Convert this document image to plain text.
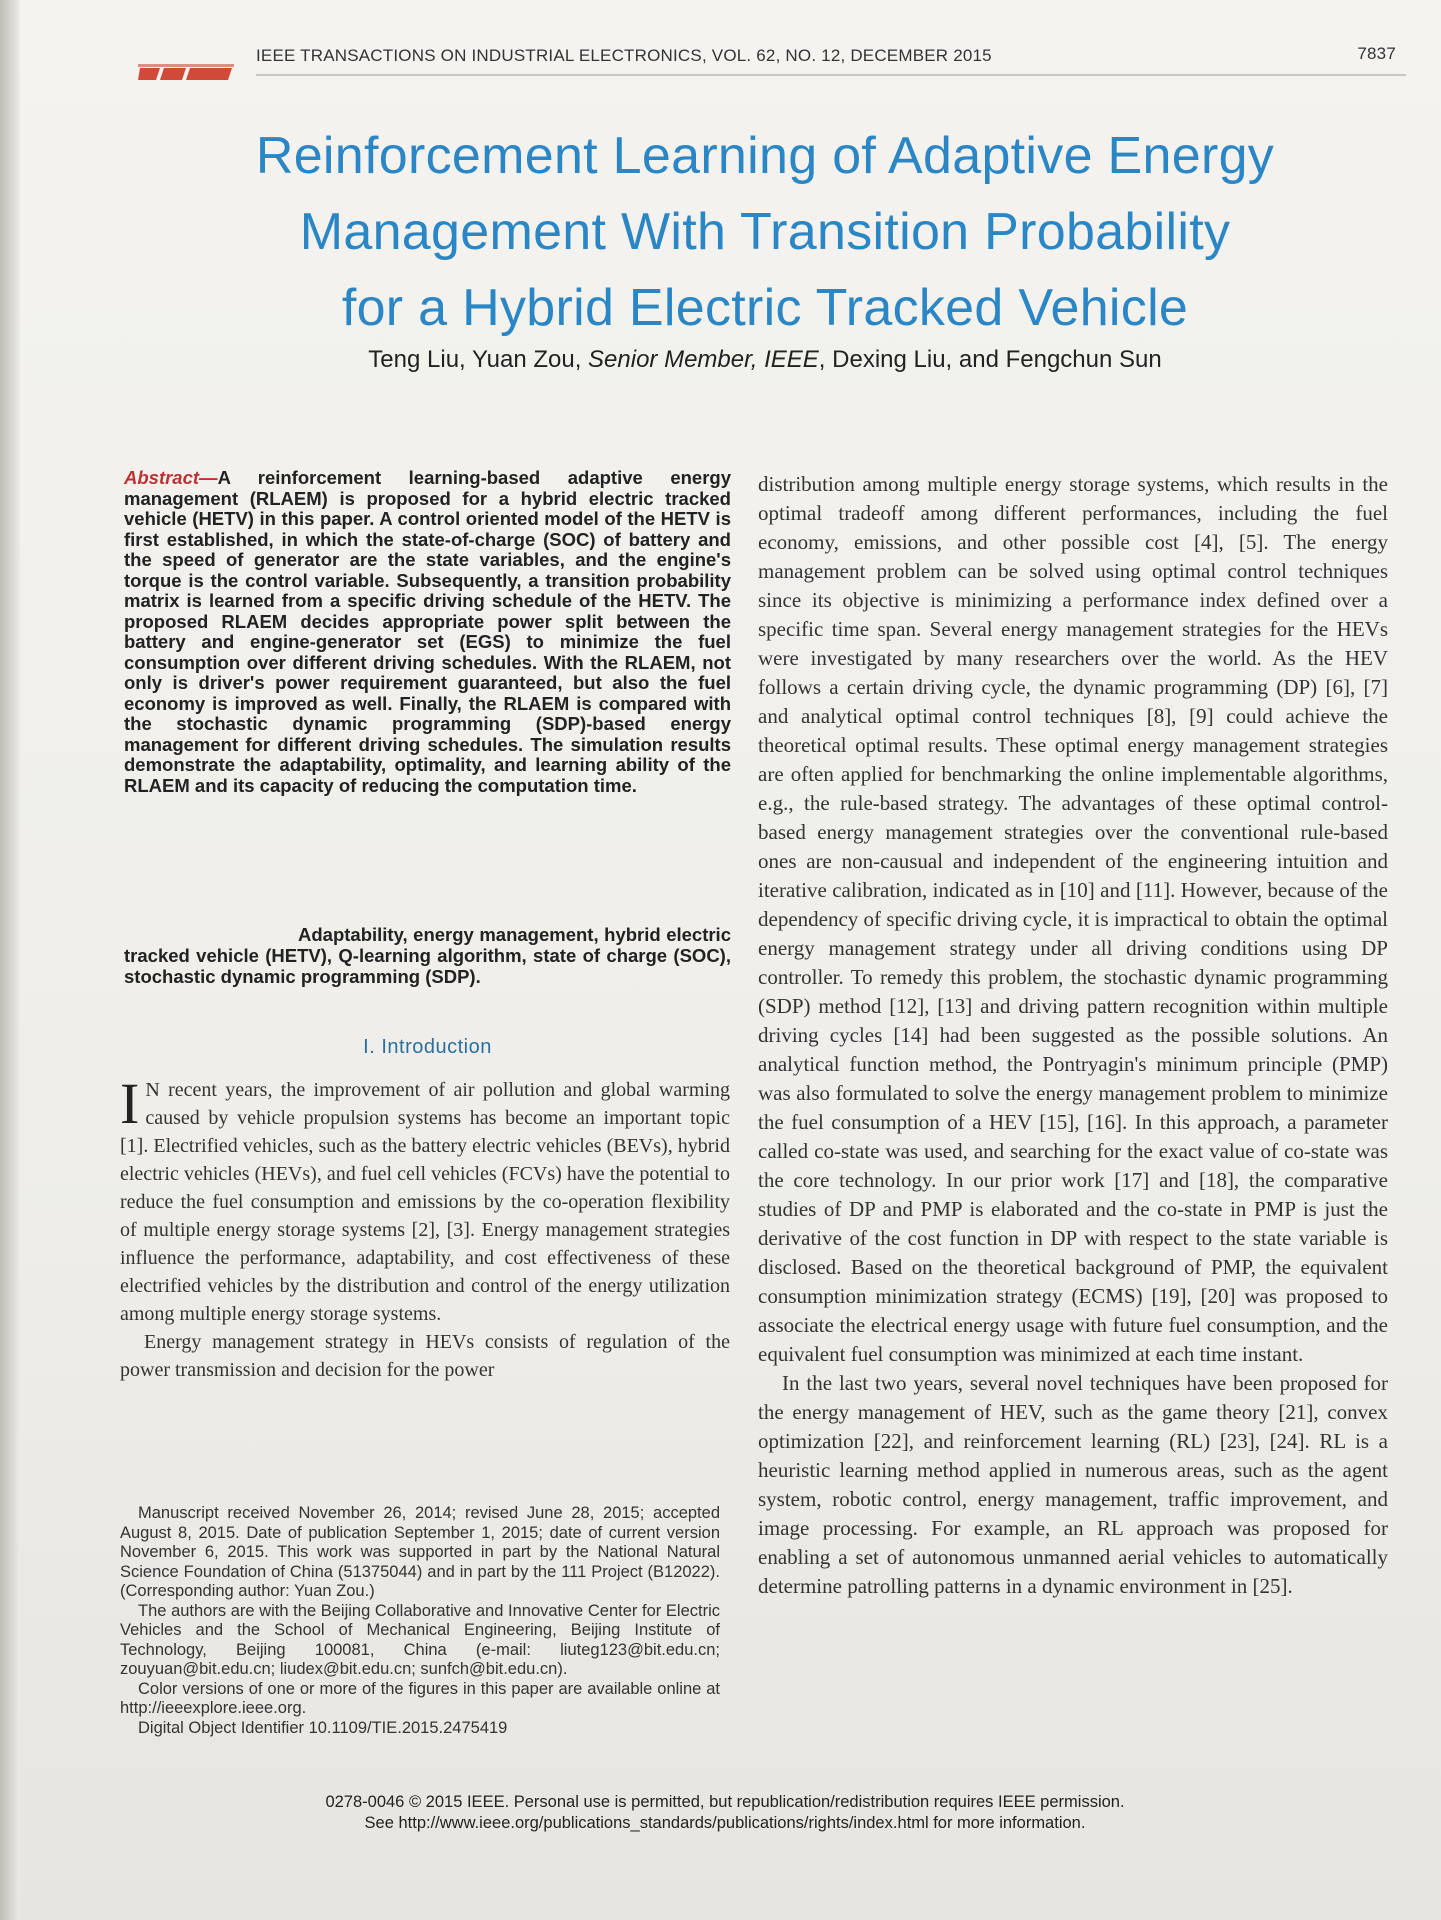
IEEE TRANSACTIONS ON INDUSTRIAL ELECTRONICS, VOL. 62, NO. 12, DECEMBER 2015	7837
Reinforcement Learning of Adaptive Energy
Management With Transition Probability
for a Hybrid Electric Tracked Vehicle
Teng Liu, Yuan Zou, Senior Member, IEEE, Dexing Liu, and Fengchun Sun
Abstract—A reinforcement learning-based adaptive energy management (RLAEM) is proposed for a hybrid electric tracked vehicle (HETV) in this paper. A control oriented model of the HETV is first established, in which the state-of-charge (SOC) of battery and the speed of generator are the state variables, and the engine's torque is the control variable. Subsequently, a transition probability matrix is learned from a specific driving schedule of the HETV. The proposed RLAEM decides appropriate power split between the battery and engine-generator set (EGS) to minimize the fuel consumption over different driving schedules. With the RLAEM, not only is driver's power requirement guaranteed, but also the fuel economy is improved as well. Finally, the RLAEM is compared with the stochastic dynamic programming (SDP)-based energy management for different driving schedules. The simulation results demonstrate the adaptability, optimality, and learning ability of the RLAEM and its capacity of reducing the computation time.
Adaptability, energy management, hybrid electric tracked vehicle (HETV), Q-learning algorithm, state of charge (SOC), stochastic dynamic programming (SDP).
I. Introduction

I N recent years, the improvement of air pollution and global warming caused by vehicle propulsion systems has become an important topic [1]. Electrified vehicles, such as the battery electric vehicles (BEVs), hybrid electric vehicles (HEVs), and fuel cell vehicles (FCVs) have the potential to reduce the fuel consumption and emissions by the co-operation flexibility of multiple energy storage systems [2], [3]. Energy management strategies influence the performance, adaptability, and cost effectiveness of these electrified vehicles by the distribution and control of the energy utilization among multiple energy storage systems.

Energy management strategy in HEVs consists of regulation of the power transmission and decision for the power

Manuscript received November 26, 2014; revised June 28, 2015; accepted August 8, 2015. Date of publication September 1, 2015; date of current version November 6, 2015. This work was supported in part by the National Natural Science Foundation of China (51375044) and in part by the 111 Project (B12022). (Corresponding author: Yuan Zou.)

The authors are with the Beijing Collaborative and Innovative Center for Electric Vehicles and the School of Mechanical Engineering, Beijing Institute of Technology, Beijing 100081, China (e-mail: liuteg123@bit.edu.cn; zouyuan@bit.edu.cn; liudex@bit.edu.cn; sunfch@bit.edu.cn).

Color versions of one or more of the figures in this paper are available online at http://ieeexplore.ieee.org.

Digital Object Identifier 10.1109/TIE.2015.2475419

distribution among multiple energy storage systems, which results in the optimal tradeoff among different performances, including the fuel economy, emissions, and other possible cost [4], [5]. The energy management problem can be solved using optimal control techniques since its objective is minimizing a performance index defined over a specific time span. Several energy management strategies for the HEVs were investigated by many researchers over the world. As the HEV follows a certain driving cycle, the dynamic programming (DP) [6], [7] and analytical optimal control techniques [8], [9] could achieve the theoretical optimal results. These optimal energy management strategies are often applied for benchmarking the online implementable algorithms, e.g., the rule-based strategy. The advantages of these optimal control-based energy management strategies over the conventional rule-based ones are non-causual and independent of the engineering intuition and iterative calibration, indicated as in [10] and [11]. However, because of the dependency of specific driving cycle, it is impractical to obtain the optimal energy management strategy under all driving conditions using DP controller. To remedy this problem, the stochastic dynamic programming (SDP) method [12], [13] and driving pattern recognition within multiple driving cycles [14] had been suggested as the possible solutions. An analytical function method, the Pontryagin's minimum principle (PMP) was also formulated to solve the energy management problem to minimize the fuel consumption of a HEV [15], [16]. In this approach, a parameter called co-state was used, and searching for the exact value of co-state was the core technology. In our prior work [17] and [18], the comparative studies of DP and PMP is elaborated and the co-state in PMP is just the derivative of the cost function in DP with respect to the state variable is disclosed. Based on the theoretical background of PMP, the equivalent consumption minimization strategy (ECMS) [19], [20] was proposed to associate the electrical energy usage with future fuel consumption, and the equivalent fuel consumption was minimized at each time instant.

In the last two years, several novel techniques have been proposed for the energy management of HEV, such as the game theory [21], convex optimization [22], and reinforcement learning (RL) [23], [24]. RL is a heuristic learning method applied in numerous areas, such as the agent system, robotic control, energy management, traffic improvement, and image processing. For example, an RL approach was proposed for enabling a set of autonomous unmanned aerial vehicles to automatically determine patrolling patterns in a dynamic environment in [25].

0278-0046 © 2015 IEEE. Personal use is permitted, but republication/redistribution requires IEEE permission.
See http://www.ieee.org/publications_standards/publications/rights/index.html for more information.
